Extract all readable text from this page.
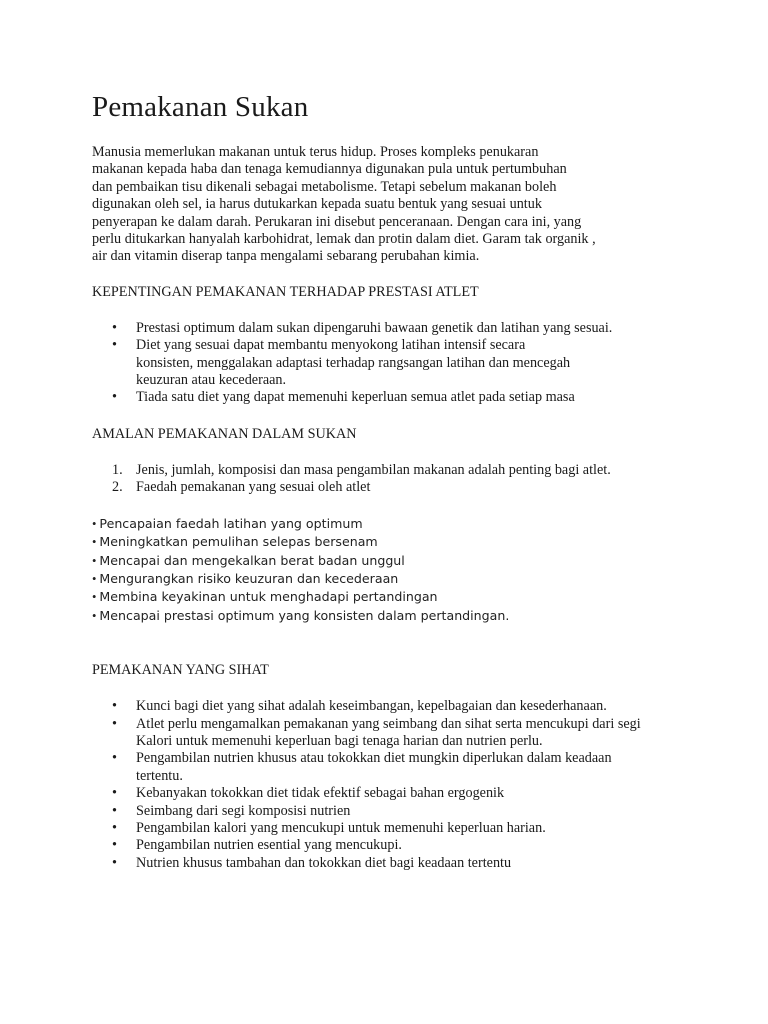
Pemakanan Sukan

Manusia memerlukan makanan untuk terus hidup. Proses kompleks penukaran
makanan kepada haba dan tenaga kemudiannya digunakan pula untuk pertumbuhan
dan pembaikan tisu dikenali sebagai metabolisme. Tetapi sebelum makanan boleh
digunakan oleh sel, ia harus dutukarkan kepada suatu bentuk yang sesuai untuk
penyerapan ke dalam darah. Perukaran ini disebut penceranaan. Dengan cara ini, yang
perlu ditukarkan hanyalah karbohidrat, lemak dan protin dalam diet. Garam tak organik ,
air dan vitamin diserap tanpa mengalami sebarang perubahan kimia.

KEPENTINGAN PEMAKANAN TERHADAP PRESTASI ATLET
• Prestasi optimum dalam sukan dipengaruhi bawaan genetik dan latihan yang sesuai.
• Diet yang sesuai dapat membantu menyokong latihan intensif secara
konsisten, menggalakan adaptasi terhadap rangsangan latihan dan mencegah
keuzuran atau kecederaan.
• Tiada satu diet yang dapat memenuhi keperluan semua atlet pada setiap masa
AMALAN PEMAKANAN DALAM SUKAN
1. Jenis, jumlah, komposisi dan masa pengambilan makanan adalah penting bagi atlet.
2. Faedah pemakanan yang sesuai oleh atlet
• Pencapaian faedah latihan yang optimum
• Meningkatkan pemulihan selepas bersenam
• Mencapai dan mengekalkan berat badan unggul
• Mengurangkan risiko keuzuran dan kecederaan
• Membina keyakinan untuk menghadapi pertandingan
• Mencapai prestasi optimum yang konsisten dalam pertandingan.
PEMAKANAN YANG SIHAT
• Kunci bagi diet yang sihat adalah keseimbangan, kepelbagaian dan kesederhanaan.
• Atlet perlu mengamalkan pemakanan yang seimbang dan sihat serta mencukupi dari segi
Kalori untuk memenuhi keperluan bagi tenaga harian dan nutrien perlu.
• Pengambilan nutrien khusus atau tokokkan diet mungkin diperlukan dalam keadaan
tertentu.
• Kebanyakan tokokkan diet tidak efektif sebagai bahan ergogenik
• Seimbang dari segi komposisi nutrien
• Pengambilan kalori yang mencukupi untuk memenuhi keperluan harian.
• Pengambilan nutrien esential yang mencukupi.
• Nutrien khusus tambahan dan tokokkan diet bagi keadaan tertentu
